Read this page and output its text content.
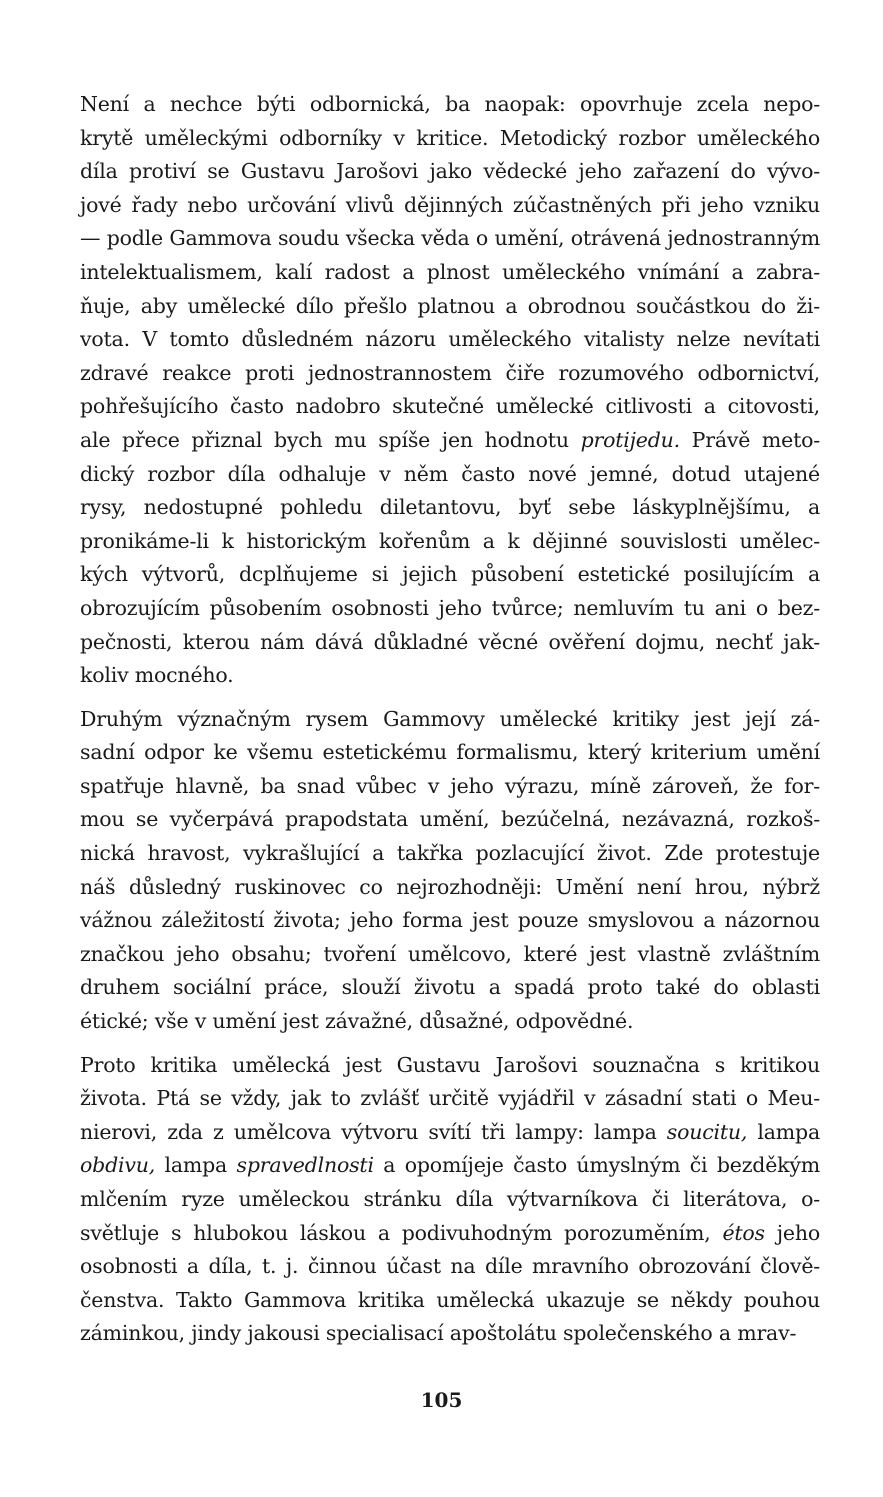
Není a nechce býti odbornická, ba naopak: opovrhuje zcela nepo-
krytě uměleckými odborníky v kritice. Metodický rozbor uměleckého
díla protiví se Gustavu Jarošovi jako vědecké jeho zařazení do vývo-
jové řady nebo určování vlivů dějinných zúčastněných při jeho vzniku
— podle Gammova soudu všecka věda o umění, otrávená jednostranným
intelektualismem, kalí radost a plnost uměleckého vnímání a zabra-
ňuje, aby umělecké dílo přešlo platnou a obrodnou součástkou do ži-
vota. V tomto důsledném názoru uměleckého vitalisty nelze nevítati
zdravé reakce proti jednostrannostem čiře rozumového odbornictví,
pohřešujícího často nadobro skutečné umělecké citlivosti a citovosti,
ale přece přiznal bych mu spíše jen hodnotu protijedu. Právě meto-
dický rozbor díla odhaluje v něm často nové jemné, dotud utajené
rysy, nedostupné pohledu diletantovu, byť sebe láskyplnějšímu, a
pronikáme-li k historickým kořenům a k dějinné souvislosti umělec-
kých výtvorů, dcplňujeme si jejich působení estetické posilujícím a
obrozujícím působením osobnosti jeho tvůrce; nemluvím tu ani o bez-
pečnosti, kterou nám dává důkladné věcné ověření dojmu, nechť jak-
koliv mocného.
Druhým význačným rysem Gammovy umělecké kritiky jest její zá-
sadní odpor ke všemu estetickému formalismu, který kriterium umění
spatřuje hlavně, ba snad vůbec v jeho výrazu, míně zároveň, že for-
mou se vyčerpává prapodstata umění, bezúčelná, nezávazná, rozkoš-
nická hravost, vykrašlující a takřka pozlacující život. Zde protestuje
náš důsledný ruskinovec co nejrozhodněji: Umění není hrou, nýbrž
vážnou záležitostí života; jeho forma jest pouze smyslovou a názornou
značkou jeho obsahu; tvoření umělcovo, které jest vlastně zvláštním
druhem sociální práce, slouží životu a spadá proto také do oblasti
étické; vše v umění jest závažné, důsažné, odpovědné.
Proto kritika umělecká jest Gustavu Jarošovi souznačna s kritikou
života. Ptá se vždy, jak to zvlášť určitě vyjádřil v zásadní stati o Meu-
nierovi, zda z umělcova výtvoru svítí tři lampy: lampa soucitu, lampa
obdivu, lampa spravedlnosti a opomíjeje často úmyslným či bezděkým
mlčením ryze uměleckou stránku díla výtvarníkova či literátova, o-
světluje s hlubokou láskou a podivuhodným porozuměním, étos jeho
osobnosti a díla, t. j. činnou účast na díle mravního obrozování člově-
čenstva. Takto Gammova kritika umělecká ukazuje se někdy pouhou
záminkou, jindy jakousi specialisací apoštolátu společenského a mrav-
105
